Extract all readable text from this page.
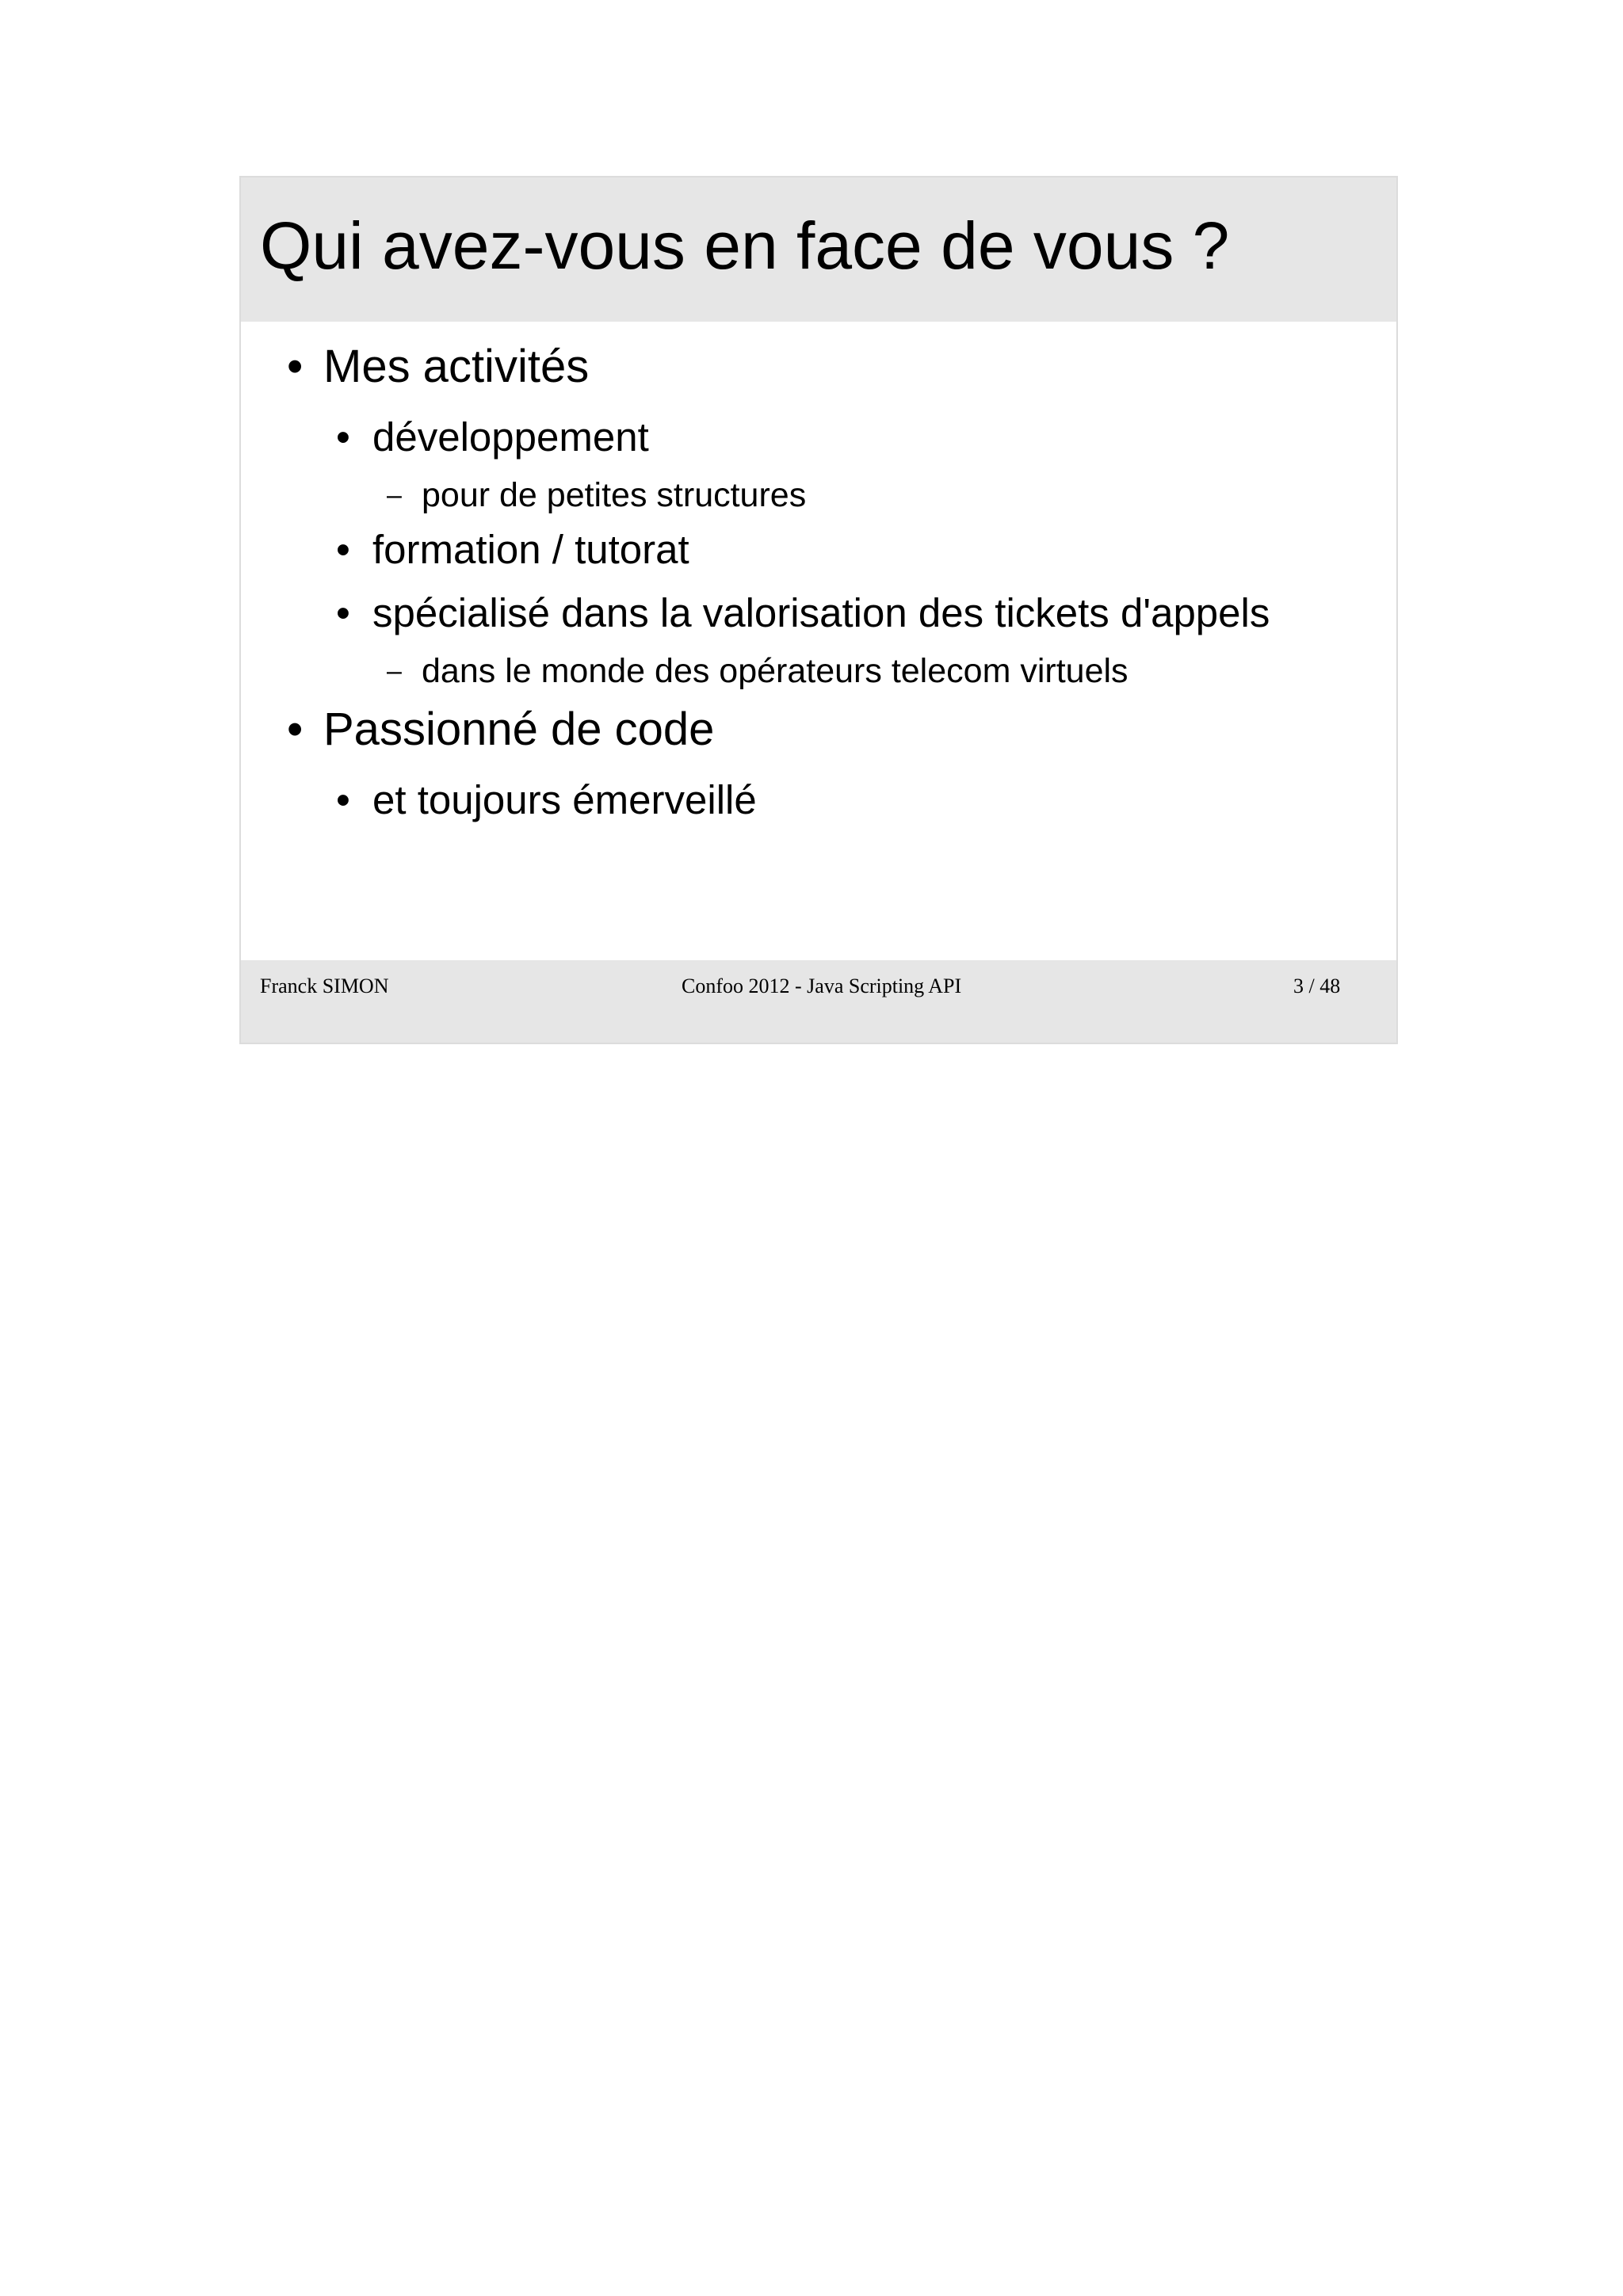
Qui avez-vous en face de vous ?
• Mes activités
• développement
– pour de petites structures
• formation / tutorat
• spécialisé dans la valorisation des tickets d'appels
– dans le monde des opérateurs telecom virtuels
• Passionné de code
• et toujours émerveillé
Franck SIMON	Confoo 2012 - Java Scripting API	3 / 48
